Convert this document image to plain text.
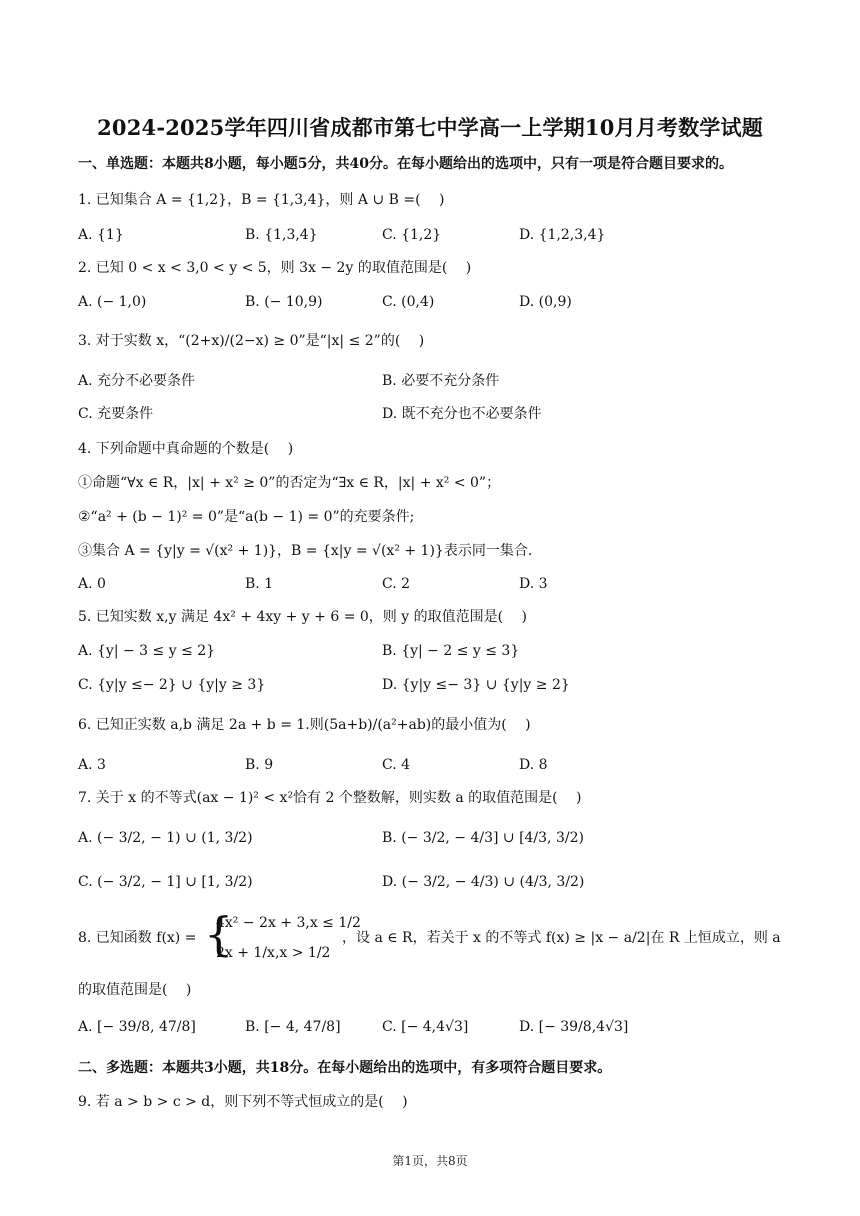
2024-2025学年四川省成都市第七中学高一上学期10月月考数学试题
一、单选题：本题共8小题，每小题5分，共40分。在每小题给出的选项中，只有一项是符合题目要求的。
1. 已知集合 A = {1,2}，B = {1,3,4}，则 A ∪ B =(　 )
A. {1}	B. {1,3,4}	C. {1,2}	D. {1,2,3,4}
2. 已知 0 < x < 3,0 < y < 5，则 3x − 2y 的取值范围是(　 )
A. (− 1,0)	B. (− 10,9)	C. (0,4)	D. (0,9)
3. 对于实数 x，“(2+x)/(2−x) ≥ 0”是“|x| ≤ 2”的(　 )
A. 充分不必要条件	B. 必要不充分条件
C. 充要条件	D. 既不充分也不必要条件
4. 下列命题中真命题的个数是(　 )
①命题“∀x ∈ R，|x| + x² ≥ 0”的否定为“∃x ∈ R，|x| + x² < 0”；
②“a² + (b − 1)² = 0”是“a(b − 1) = 0”的充要条件;
③集合 A = {y|y = √(x² + 1)}，B = {x|y = √(x² + 1)}表示同一集合.
A. 0	B. 1	C. 2	D. 3
5. 已知实数 x,y 满足 4x² + 4xy + y + 6 = 0，则 y 的取值范围是(　 )
A. {y| − 3 ≤ y ≤ 2}	B. {y| − 2 ≤ y ≤ 3}
C. {y|y ≤− 2} ∪ {y|y ≥ 3}	D. {y|y ≤− 3} ∪ {y|y ≥ 2}
6. 已知正实数 a,b 满足 2a + b = 1.则(5a+b)/(a²+ab)的最小值为(　 )
A. 3	B. 9	C. 4	D. 8
7. 关于 x 的不等式(ax − 1)² < x²恰有 2 个整数解，则实数 a 的取值范围是(　 )
A. (− 3/2, − 1) ∪ (1, 3/2)	B. (− 3/2, − 4/3] ∪ [4/3, 3/2)
C. (− 3/2, − 1] ∪ [1, 3/2)	D. (− 3/2, − 4/3) ∪ (4/3, 3/2)
8. 已知函数 f(x) = {
4x² − 2x + 3,x ≤ 1/2
2x + 1/x,x > 1/2
，设 a ∈ R，若关于 x 的不等式 f(x) ≥ |x − a/2|在 R 上恒成立，则 a
的取值范围是(　 )
A. [− 39/8, 47/8]	B. [− 4, 47/8]	C. [− 4,4√3]	D. [− 39/8,4√3]
二、多选题：本题共3小题，共18分。在每小题给出的选项中，有多项符合题目要求。
9. 若 a > b > c > d，则下列不等式恒成立的是(　 )
第1页，共8页
